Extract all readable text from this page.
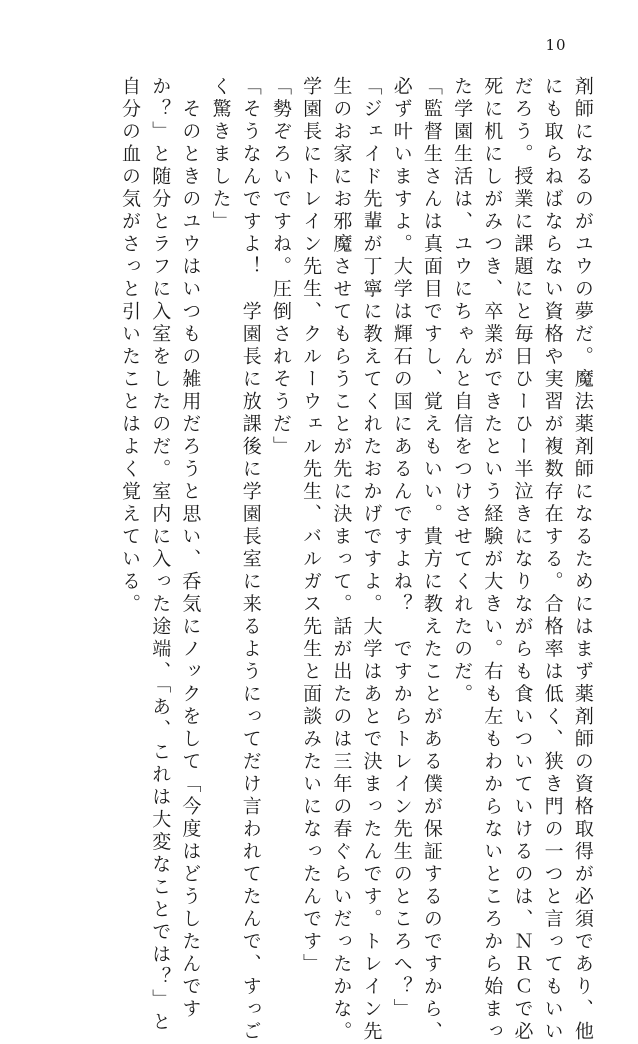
10
剤師になるのがユウの夢だ。魔法薬剤師になるためにはまず薬剤師の資格取得が必須であり、他
にも取らねばならない資格や実習が複数存在する。合格率は低く、狭き門の一つと言ってもいい
だろう。授業に課題にと毎日ひーひー半泣きになりながらも食いついていけるのは、ＮＲＣで必
死に机にしがみつき、卒業ができたという経験が大きい。右も左もわからないところから始まっ
た学園生活は、ユウにちゃんと自信をつけさせてくれたのだ。
「監督生さんは真面目ですし、覚えもいい。貴方に教えたことがある僕が保証するのですから、
必ず叶いますよ。大学は輝石の国にあるんですよね？　ですからトレイン先生のところへ？」
「ジェイド先輩が丁寧に教えてくれたおかげですよ。大学はあとで決まったんです。トレイン先
生のお家にお邪魔させてもらうことが先に決まって。話が出たのは三年の春ぐらいだったかな。
学園長にトレイン先生、クルーウェル先生、バルガス先生と面談みたいになったんです」
「勢ぞろいですね。圧倒されそうだ」
「そうなんですよ！　学園長に放課後に学園長室に来るようにってだけ言われてたんで、すっご
く驚きました」
　そのときのユウはいつもの雑用だろうと思い、呑気にノックをして「今度はどうしたんです
か？」と随分とラフに入室をしたのだ。室内に入った途端、「あ、これは大変なことでは？」と
自分の血の気がさっと引いたことはよく覚えている。
